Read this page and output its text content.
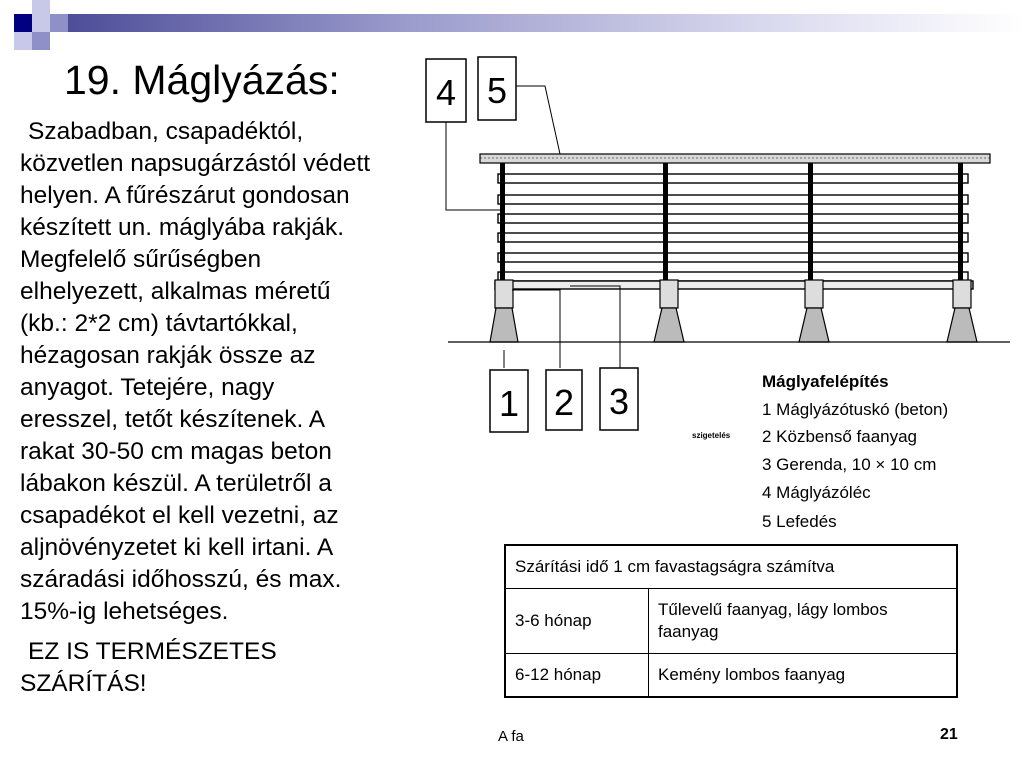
19. Máglyázás:
Szabadban, csapadéktól,
közvetlen napsugárzástól védett
helyen. A fűrészárut gondosan
készített un. máglyába rakják.
Megfelelő sűrűségben
elhelyezett, alkalmas méretű
(kb.: 2*2 cm) távtartókkal,
hézagosan rakják össze az
anyagot. Tetejére, nagy
eresszel, tetőt készítenek. A
rakat 30-50 cm magas beton
lábakon készül. A területről a
csapadékot el kell vezetni, az
aljnövényzetet ki kell irtani. A
száradási időhosszú, és max.
15%-ig lehetséges.
EZ IS TERMÉSZETES
SZÁRÍTÁS!
4 5
1 2 3
szigetelés
Máglyafelépítés
1 Máglyázótuskó (beton)
2 Közbenső faanyag
3 Gerenda, 10 × 10 cm
4 Máglyázóléc
5 Lefedés
Szárítási idő 1 cm favastagságra számítva	
3-6 hónap	Tűlevelű faanyag, lágy lombos faanyag
6-12 hónap	Kemény lombos faanyag
A fa	21
